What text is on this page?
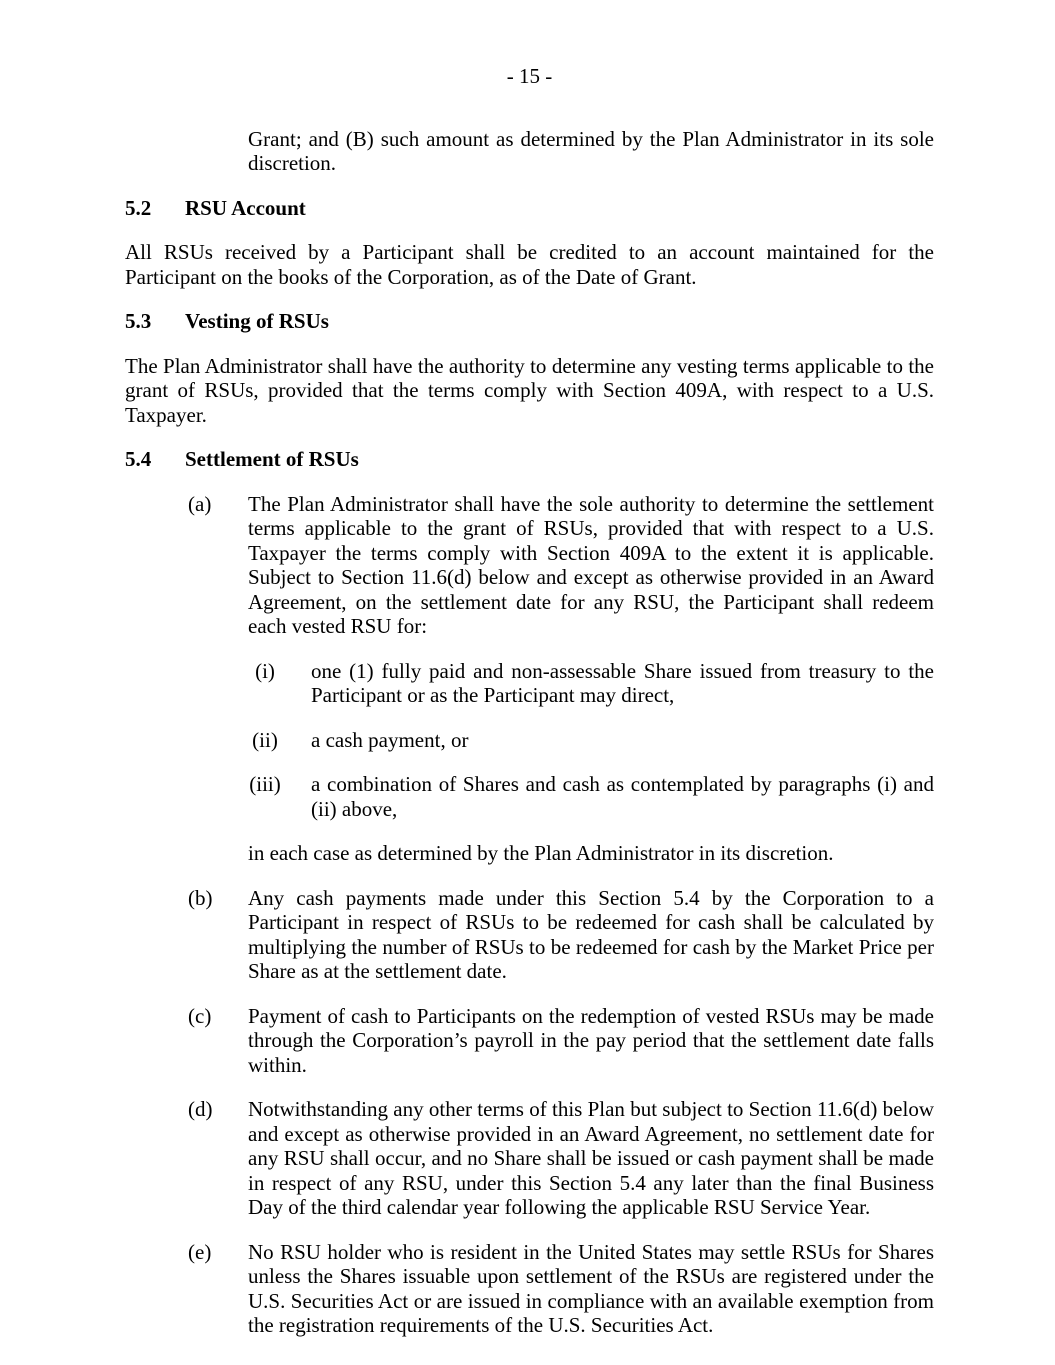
- 15 -

Grant; and (B) such amount as determined by the Plan Administrator in its sole discretion.

5.2 RSU Account

All RSUs received by a Participant shall be credited to an account maintained for the Participant on the books of the Corporation, as of the Date of Grant.

5.3 Vesting of RSUs

The Plan Administrator shall have the authority to determine any vesting terms applicable to the grant of RSUs, provided that the terms comply with Section 409A, with respect to a U.S. Taxpayer.

5.4 Settlement of RSUs
(a) The Plan Administrator shall have the sole authority to determine the settlement terms applicable to the grant of RSUs, provided that with respect to a U.S. Taxpayer the terms comply with Section 409A to the extent it is applicable. Subject to Section 11.6(d) below and except as otherwise provided in an Award Agreement, on the settlement date for any RSU, the Participant shall redeem each vested RSU for:
(i)	one (1) fully paid and non-assessable Share issued from treasury to the Participant or as the Participant may direct,
(ii)	a cash payment, or
(iii)	a combination of Shares and cash as contemplated by paragraphs (i) and (ii) above,

in each case as determined by the Plan Administrator in its discretion.

(b) Any cash payments made under this Section 5.4 by the Corporation to a Participant in respect of RSUs to be redeemed for cash shall be calculated by multiplying the number of RSUs to be redeemed for cash by the Market Price per Share as at the settlement date.
(c) Payment of cash to Participants on the redemption of vested RSUs may be made through the Corporation’s payroll in the pay period that the settlement date falls within.
(d) Notwithstanding any other terms of this Plan but subject to Section 11.6(d) below and except as otherwise provided in an Award Agreement, no settlement date for any RSU shall occur, and no Share shall be issued or cash payment shall be made in respect of any RSU, under this Section 5.4 any later than the final Business Day of the third calendar year following the applicable RSU Service Year.
(e) No RSU holder who is resident in the United States may settle RSUs for Shares unless the Shares issuable upon settlement of the RSUs are registered under the U.S. Securities Act or are issued in compliance with an available exemption from the registration requirements of the U.S. Securities Act.
